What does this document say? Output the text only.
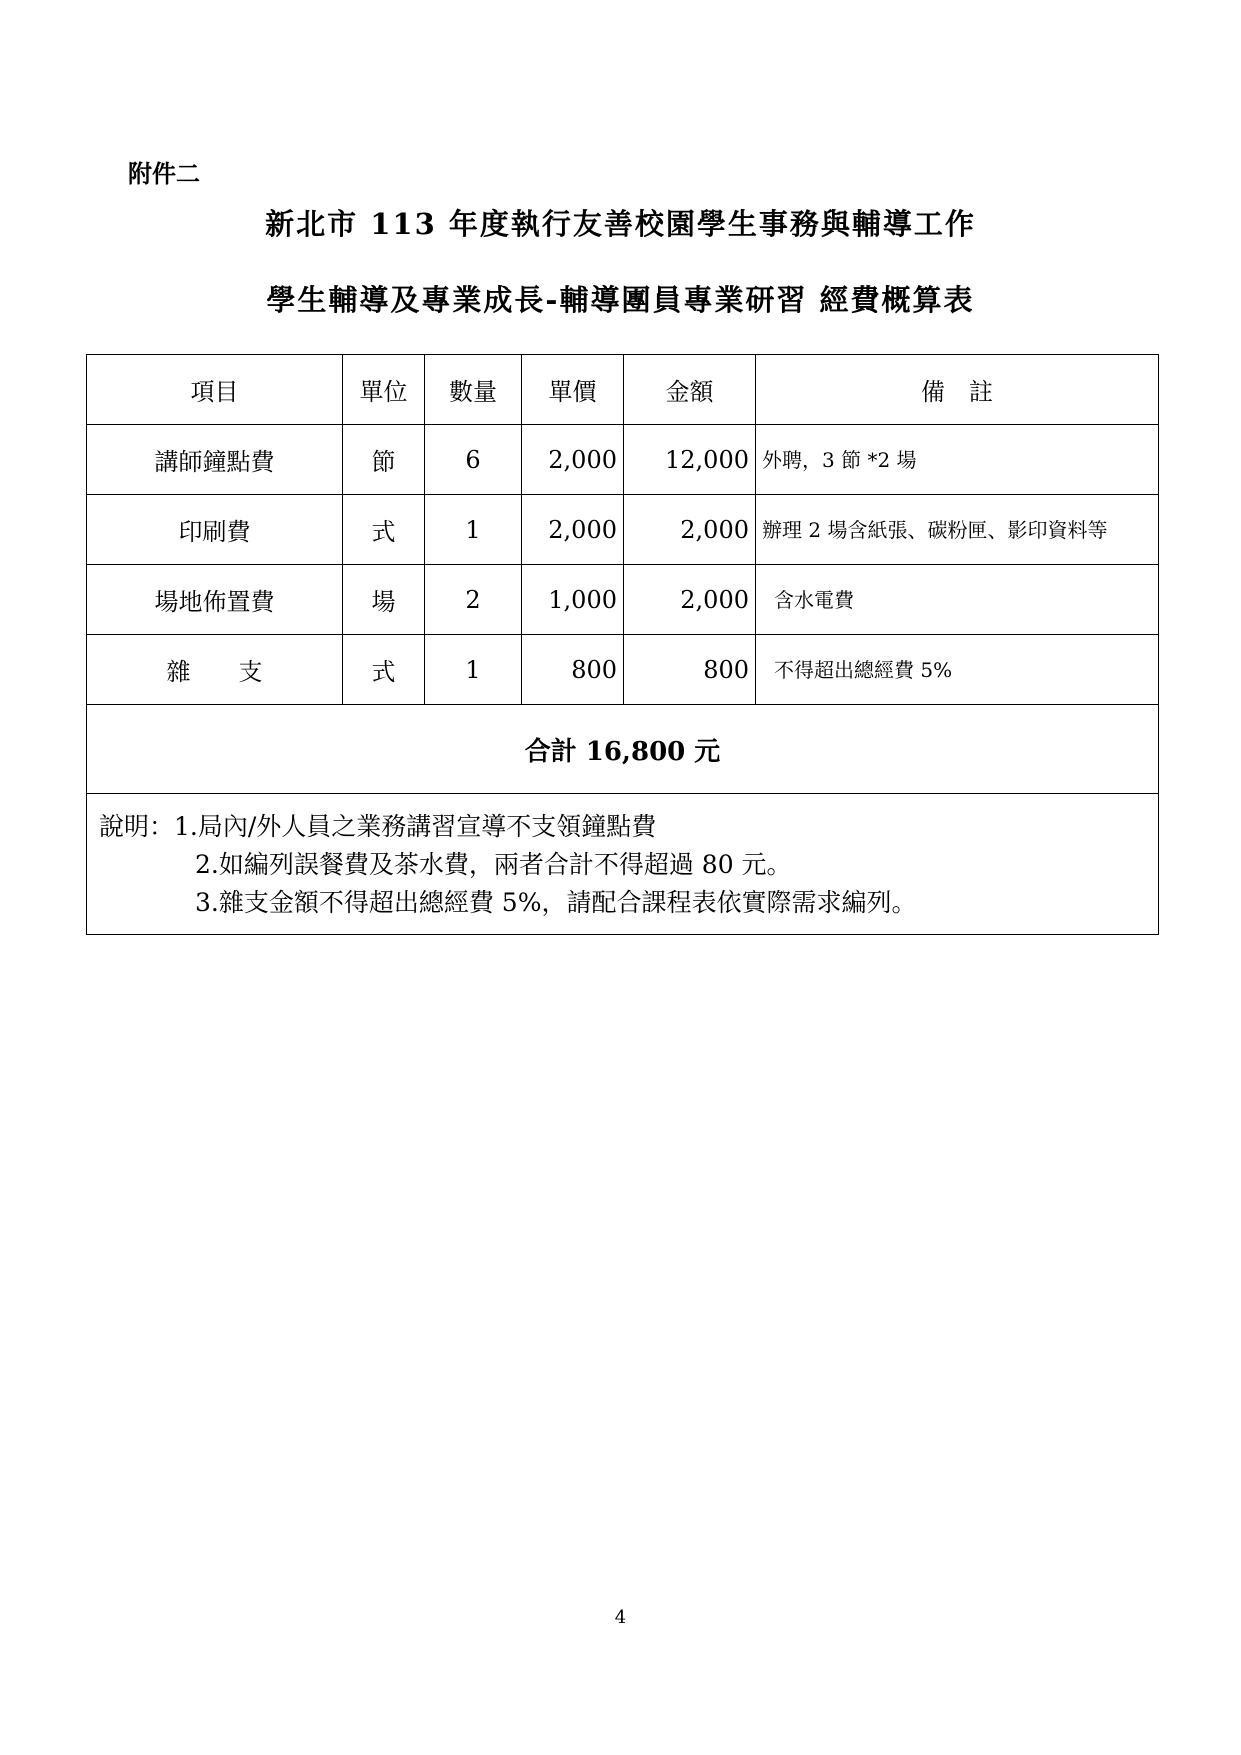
附件二
新北市 113 年度執行友善校園學生事務與輔導工作
學生輔導及專業成長-輔導團員專業研習 經費概算表
項目	單位	數量	單價	金額	備　註
講師鐘點費	節	6	2,000	12,000	外聘，3 節 *2 場
印刷費	式	1	2,000	2,000	辦理 2 場含紙張、碳粉匣、影印資料等
場地佈置費	場	2	1,000	2,000	含水電費
雜　　支	式	1	800	800	不得超出總經費 5%
合計 16,800 元					

說明：1.局內/外人員之業務講習宣導不支領鐘點費
2.如編列誤餐費及茶水費，兩者合計不得超過 80 元。
3.雜支金額不得超出總經費 5%，請配合課程表依實際需求編列。					
4
